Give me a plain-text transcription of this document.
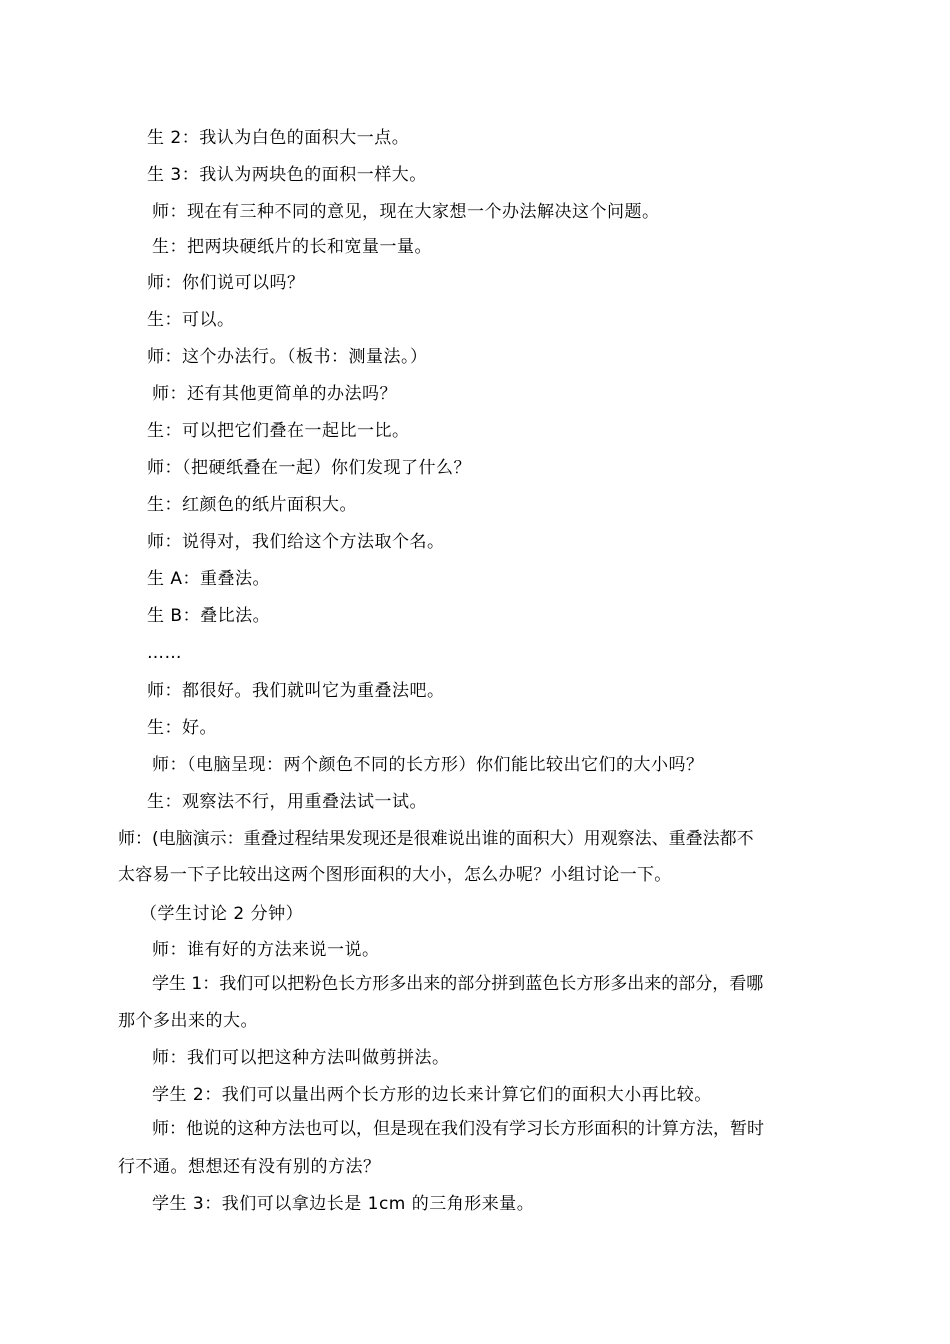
生 2：我认为白色的面积大一点。
生 3：我认为两块色的面积一样大。
师：现在有三种不同的意见，现在大家想一个办法解决这个问题。
生：把两块硬纸片的长和宽量一量。
师：你们说可以吗？
生：可以。
师：这个办法行。（板书：测量法。）
师：还有其他更简单的办法吗？
生：可以把它们叠在一起比一比。
师：（把硬纸叠在一起）你们发现了什么？
生：红颜色的纸片面积大。
师：说得对，我们给这个方法取个名。
生 A：重叠法。
生 B：叠比法。
……
师：都很好。我们就叫它为重叠法吧。
生：好。
师：（电脑呈现：两个颜色不同的长方形）你们能比较出它们的大小吗？
生：观察法不行，用重叠法试一试。
师：(电脑演示：重叠过程结果发现还是很难说出谁的面积大）用观察法、重叠法都不
太容易一下子比较出这两个图形面积的大小，怎么办呢？小组讨论一下。
（学生讨论 2 分钟）
师：谁有好的方法来说一说。
学生 1：我们可以把粉色长方形多出来的部分拼到蓝色长方形多出来的部分，看哪
那个多出来的大。
师：我们可以把这种方法叫做剪拼法。
学生 2：我们可以量出两个长方形的边长来计算它们的面积大小再比较。
师：他说的这种方法也可以，但是现在我们没有学习长方形面积的计算方法，暂时
行不通。想想还有没有别的方法？
学生 3：我们可以拿边长是 1cm 的三角形来量。
